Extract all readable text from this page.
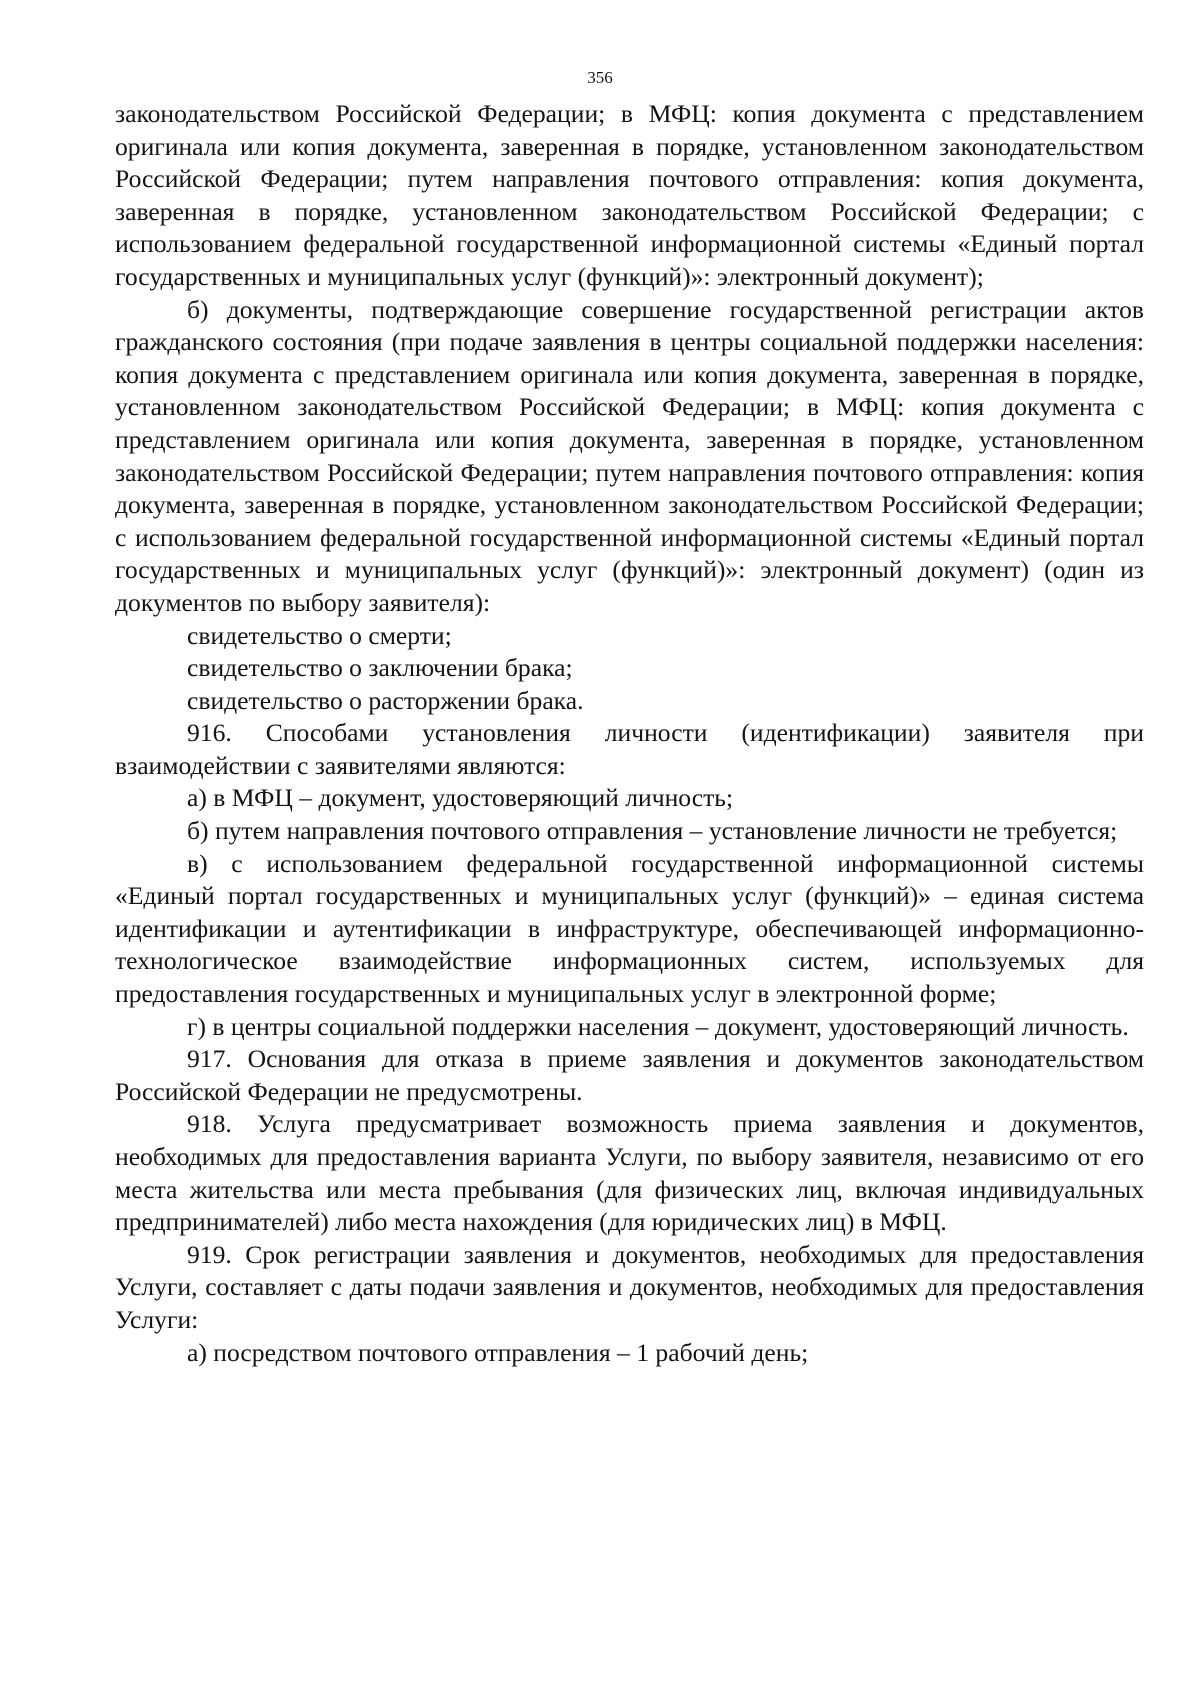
356

законодательством Российской Федерации; в МФЦ: копия документа с представлением оригинала или копия документа, заверенная в порядке, установленном законодательством Российской Федерации; путем направления почтового отправления: копия документа, заверенная в порядке, установленном законодательством Российской Федерации; с использованием федеральной государственной информационной системы «Единый портал государственных и муниципальных услуг (функций)»: электронный документ);

б) документы, подтверждающие совершение государственной регистрации актов гражданского состояния (при подаче заявления в центры социальной поддержки населения: копия документа с представлением оригинала или копия документа, заверенная в порядке, установленном законодательством Российской Федерации; в МФЦ: копия документа с представлением оригинала или копия документа, заверенная в порядке, установленном законодательством Российской Федерации; путем направления почтового отправления: копия документа, заверенная в порядке, установленном законодательством Российской Федерации; с использованием федеральной государственной информационной системы «Единый портал государственных и муниципальных услуг (функций)»: электронный документ) (один из документов по выбору заявителя):

свидетельство о смерти;

свидетельство о заключении брака;

свидетельство о расторжении брака.

916. Способами установления личности (идентификации) заявителя при взаимодействии с заявителями являются:

а) в МФЦ – документ, удостоверяющий личность;

б) путем направления почтового отправления – установление личности не требуется;

в) с использованием федеральной государственной информационной системы «Единый портал государственных и муниципальных услуг (функций)» – единая система идентификации и аутентификации в инфраструктуре, обеспечивающей информационно-технологическое взаимодействие информационных систем, используемых для предоставления государственных и муниципальных услуг в электронной форме;

г) в центры социальной поддержки населения – документ, удостоверяющий личность.

917. Основания для отказа в приеме заявления и документов законодательством Российской Федерации не предусмотрены.

918. Услуга предусматривает возможность приема заявления и документов, необходимых для предоставления варианта Услуги, по выбору заявителя, независимо от его места жительства или места пребывания (для физических лиц, включая индивидуальных предпринимателей) либо места нахождения (для юридических лиц) в МФЦ.

919. Срок регистрации заявления и документов, необходимых для предоставления Услуги, составляет с даты подачи заявления и документов, необходимых для предоставления Услуги:

а) посредством почтового отправления – 1 рабочий день;
